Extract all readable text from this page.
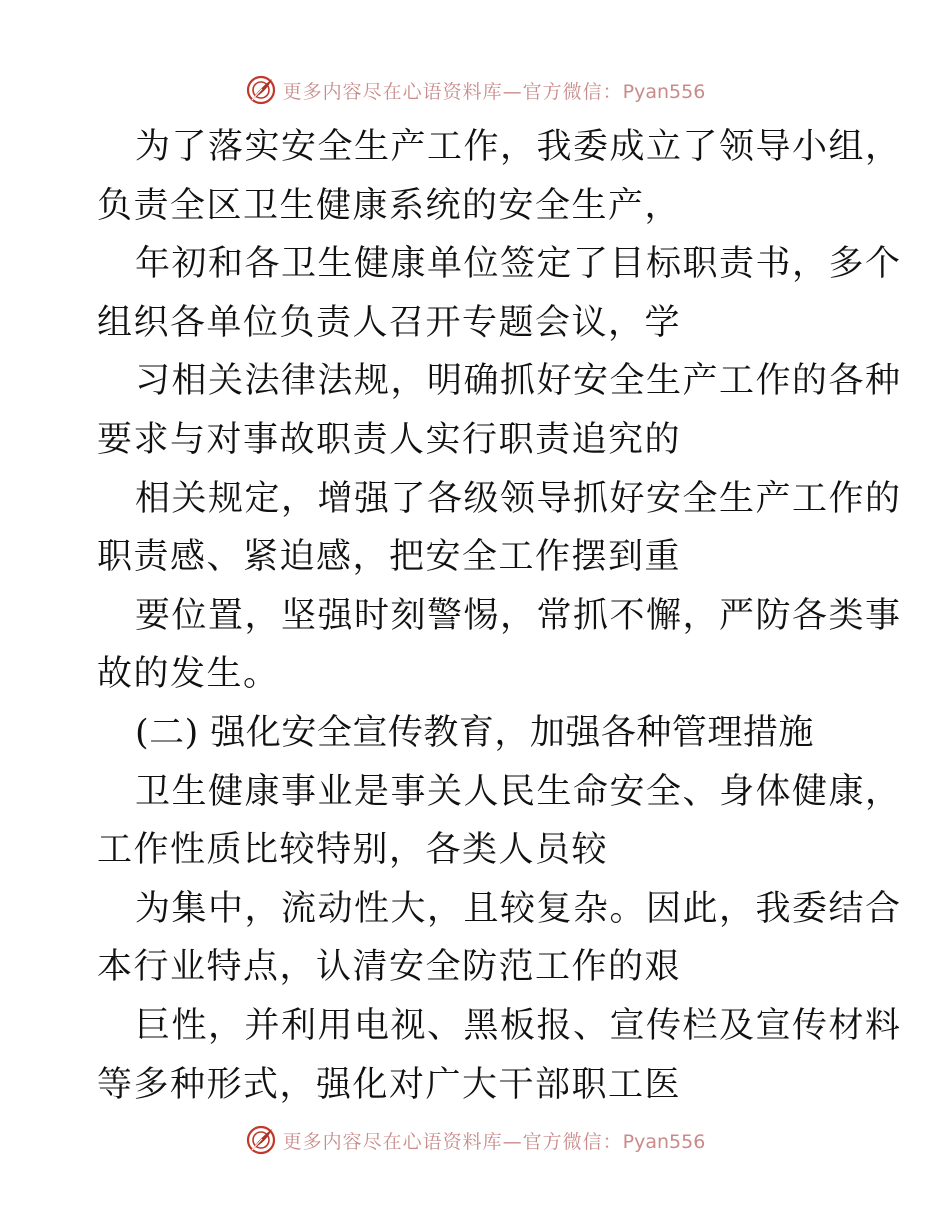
更多内容尽在心语资料库—官方微信：Pyan556
为了落实安全生产工作，我委成立了领导小组，
负责全区卫生健康系统的安全生产，
年初和各卫生健康单位签定了目标职责书，多个
组织各单位负责人召开专题会议，学
习相关法律法规，明确抓好安全生产工作的各种
要求与对事故职责人实行职责追究的
相关规定，增强了各级领导抓好安全生产工作的
职责感、紧迫感，把安全工作摆到重
要位置，坚强时刻警惕，常抓不懈，严防各类事
故的发生。
(二) 强化安全宣传教育，加强各种管理措施
卫生健康事业是事关人民生命安全、身体健康，
工作性质比较特别，各类人员较
为集中，流动性大，且较复杂。因此，我委结合
本行业特点，认清安全防范工作的艰
巨性，并利用电视、黑板报、宣传栏及宣传材料
等多种形式，强化对广大干部职工医
更多内容尽在心语资料库—官方微信：Pyan556
